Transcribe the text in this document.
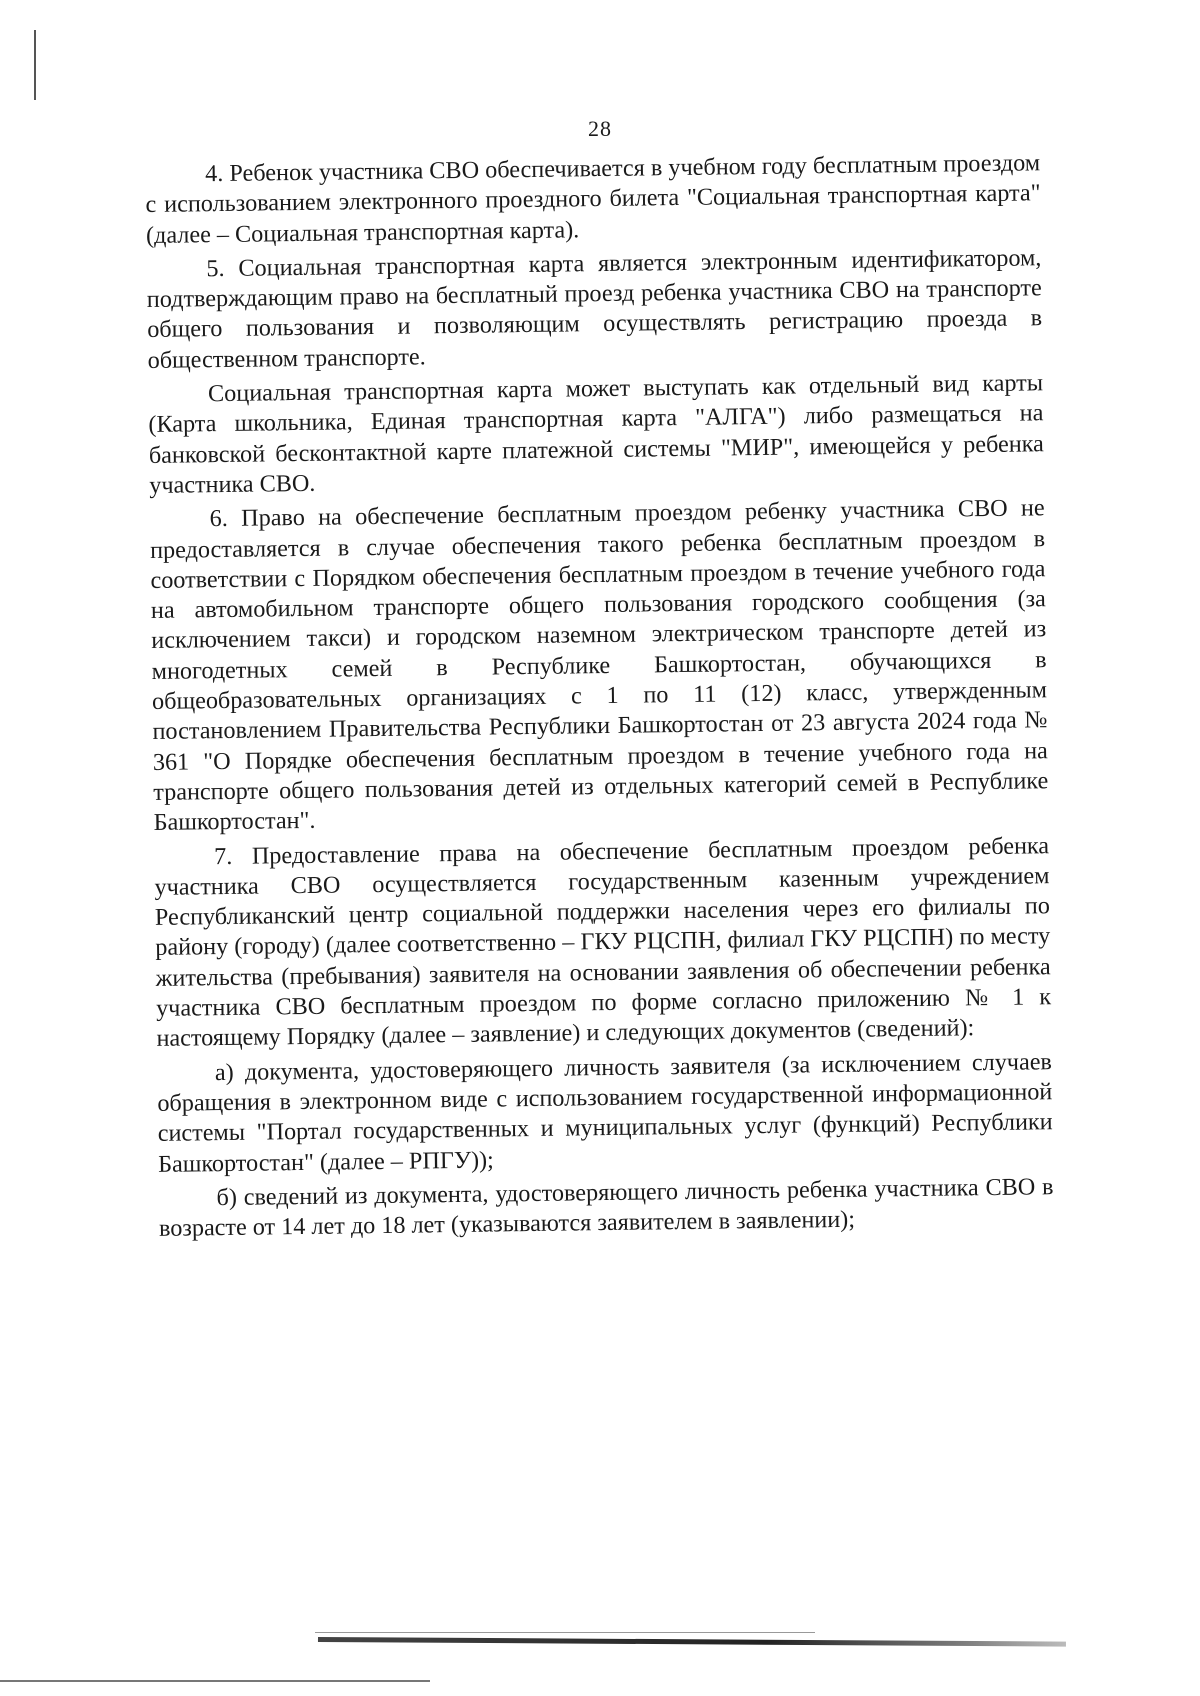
28

4. Ребенок участника СВО обеспечивается в учебном году бесплатным проездом с использованием электронного проездного билета "Социальная транспортная карта" (далее – Социальная транспортная карта).

5. Социальная транспортная карта является электронным идентификатором, подтверждающим право на бесплатный проезд ребенка участника СВО на транспорте общего пользования и позволяющим осуществлять регистрацию проезда в общественном транспорте.

Социальная транспортная карта может выступать как отдельный вид карты (Карта школьника, Единая транспортная карта "АЛГА") либо размещаться на банковской бесконтактной карте платежной системы "МИР", имеющейся у ребенка участника СВО.

6. Право на обеспечение бесплатным проездом ребенку участника СВО не предоставляется в случае обеспечения такого ребенка бесплатным проездом в соответствии с Порядком обеспечения бесплатным проездом в течение учебного года на автомобильном транспорте общего пользования городского сообщения (за исключением такси) и городском наземном электрическом транспорте детей из многодетных семей в Республике Башкортостан, обучающихся в общеобразовательных организациях с 1 по 11 (12) класс, утвержденным постановлением Правительства Республики Башкортостан от 23 августа 2024 года № 361 "О Порядке обеспечения бесплатным проездом в течение учебного года на транспорте общего пользования детей из отдельных категорий семей в Республике Башкортостан".

7. Предоставление права на обеспечение бесплатным проездом ребенка участника СВО осуществляется государственным казенным учреждением Республиканский центр социальной поддержки населения через его филиалы по району (городу) (далее соответственно – ГКУ РЦСПН, филиал ГКУ РЦСПН) по месту жительства (пребывания) заявителя на основании заявления об обеспечении ребенка участника СВО бесплатным проездом по форме согласно приложению № 1 к настоящему Порядку (далее – заявление) и следующих документов (сведений):

а) документа, удостоверяющего личность заявителя (за исключением случаев обращения в электронном виде с использованием государственной информационной системы "Портал государственных и муниципальных услуг (функций) Республики Башкортостан" (далее – РПГУ));

б) сведений из документа, удостоверяющего личность ребенка участника СВО в возрасте от 14 лет до 18 лет (указываются заявителем в заявлении);
